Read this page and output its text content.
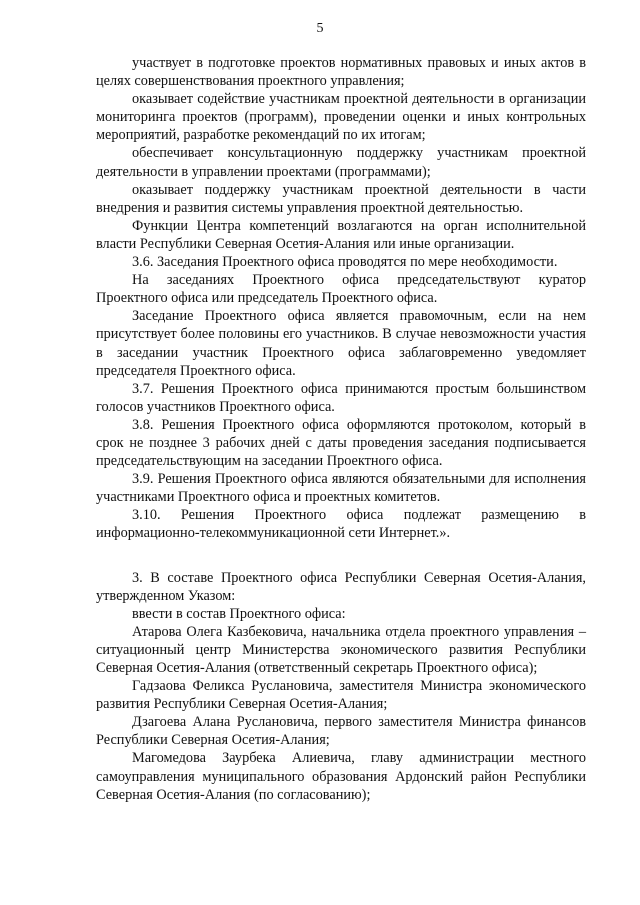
5

участвует в подготовке проектов нормативных правовых и иных актов в целях совершенствования проектного управления;

оказывает содействие участникам проектной деятельности в организации мониторинга проектов (программ), проведении оценки и иных контрольных мероприятий, разработке рекомендаций по их итогам;

обеспечивает консультационную поддержку участникам проектной деятельности в управлении проектами (программами);

оказывает поддержку участникам проектной деятельности в части внедрения и развития системы управления проектной деятельностью.

Функции Центра компетенций возлагаются на орган исполнительной власти Республики Северная Осетия-Алания или иные организации.

3.6. Заседания Проектного офиса проводятся по мере необходимости.

На заседаниях Проектного офиса председательствуют куратор Проектного офиса или председатель Проектного офиса.

Заседание Проектного офиса является правомочным, если на нем присутствует более половины его участников. В случае невозможности участия в заседании участник Проектного офиса заблаговременно уведомляет председателя Проектного офиса.

3.7. Решения Проектного офиса принимаются простым большинством голосов участников Проектного офиса.

3.8. Решения Проектного офиса оформляются протоколом, который в срок не позднее 3 рабочих дней с даты проведения заседания подписывается председательствующим на заседании Проектного офиса.

3.9. Решения Проектного офиса являются обязательными для исполнения участниками Проектного офиса и проектных комитетов.

3.10. Решения Проектного офиса подлежат размещению в информационно-телекоммуникационной сети Интернет.».

3. В составе Проектного офиса Республики Северная Осетия-Алания, утвержденном Указом:

ввести в состав Проектного офиса:

Атарова Олега Казбековича, начальника отдела проектного управления – ситуационный центр Министерства экономического развития Республики Северная Осетия-Алания (ответственный секретарь Проектного офиса);

Гадзаова Феликса Руслановича, заместителя Министра экономического развития Республики Северная Осетия-Алания;

Дзагоева Алана Руслановича, первого заместителя Министра финансов Республики Северная Осетия-Алания;

Магомедова Заурбека Алиевича, главу администрации местного самоуправления муниципального образования Ардонский район Республики Северная Осетия-Алания (по согласованию);
